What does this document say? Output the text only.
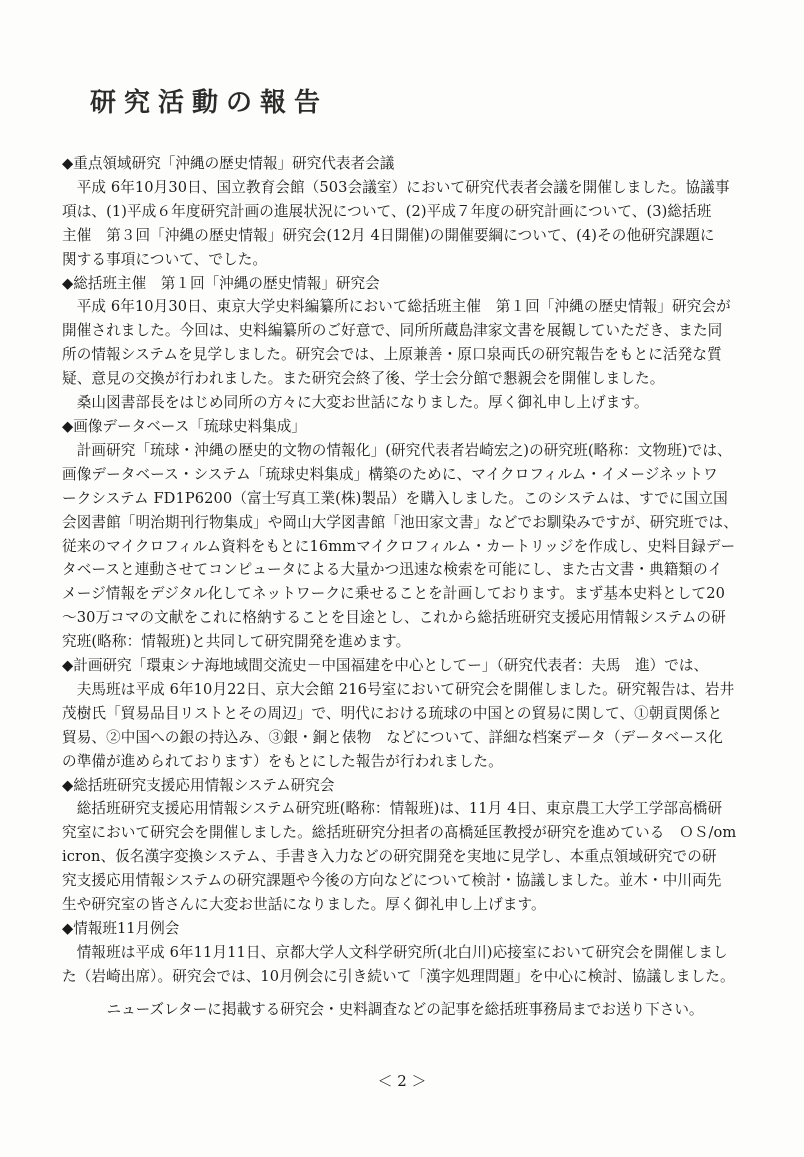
研究活動の報告
◆重点領域研究「沖縄の歴史情報」研究代表者会議
　平成 6年10月30日、国立教育会館（503会議室）において研究代表者会議を開催しました。協議事
項は、(1)平成６年度研究計画の進展状況について、(2)平成７年度の研究計画について、(3)総括班
主催　第３回「沖縄の歴史情報」研究会(12月 4日開催)の開催要綱について、(4)その他研究課題に
関する事項について、でした。
◆総括班主催　第１回「沖縄の歴史情報」研究会
　平成 6年10月30日、東京大学史料編纂所において総括班主催　第１回「沖縄の歴史情報」研究会が
開催されました。今回は、史料編纂所のご好意で、同所所蔵島津家文書を展観していただき、また同
所の情報システムを見学しました。研究会では、上原兼善・原口泉両氏の研究報告をもとに活発な質
疑、意見の交換が行われました。また研究会終了後、学士会分館で懇親会を開催しました。
　桑山図書部長をはじめ同所の方々に大変お世話になりました。厚く御礼申し上げます。
◆画像データベース「琉球史料集成」
　計画研究「琉球・沖縄の歴史的文物の情報化」(研究代表者岩崎宏之)の研究班(略称：文物班)では、
画像データベース・システム「琉球史料集成」構築のために、マイクロフィルム・イメージネットワ
ークシステム FD1P6200（富士写真工業(株)製品）を購入しました。このシステムは、すでに国立国
会図書館「明治期刊行物集成」や岡山大学図書館「池田家文書」などでお馴染みですが、研究班では、
従来のマイクロフィルム資料をもとに16mmマイクロフィルム・カートリッジを作成し、史料目録デー
タベースと連動させてコンピュータによる大量かつ迅速な検索を可能にし、また古文書・典籍類のイ
メージ情報をデジタル化してネットワークに乗せることを計画しております。まず基本史料として20
～30万コマの文献をこれに格納することを目途とし、これから総括班研究支援応用情報システムの研
究班(略称：情報班)と共同して研究開発を進めます。
◆計画研究「環東シナ海地域間交流史－中国福建を中心としてー」（研究代表者：夫馬　進）では、
　夫馬班は平成 6年10月22日、京大会館 216号室において研究会を開催しました。研究報告は、岩井
茂樹氏「貿易品目リストとその周辺」で、明代における琉球の中国との貿易に関して、①朝貢関係と
貿易、②中国への銀の持込み、③銀・銅と俵物　などについて、詳細な档案データ（データベース化
の準備が進められております）をもとにした報告が行われました。
◆総括班研究支援応用情報システム研究会
　総括班研究支援応用情報システム研究班(略称：情報班)は、11月 4日、東京農工大学工学部高橋研
究室において研究会を開催しました。総括班研究分担者の髙橋延匡教授が研究を進めている　ＯＳ/om
icron、仮名漢字変換システム、手書き入力などの研究開発を実地に見学し、本重点領域研究での研
究支援応用情報システムの研究課題や今後の方向などについて検討・協議しました。並木・中川両先
生や研究室の皆さんに大変お世話になりました。厚く御礼申し上げます。
◆情報班11月例会
　情報班は平成 6年11月11日、京都大学人文科学研究所(北白川)応接室において研究会を開催しまし
た（岩崎出席）。研究会では、10月例会に引き続いて「漢字処理問題」を中心に検討、協議しました。
ニューズレターに掲載する研究会・史料調査などの記事を総括班事務局までお送り下さい。
＜ 2 ＞
